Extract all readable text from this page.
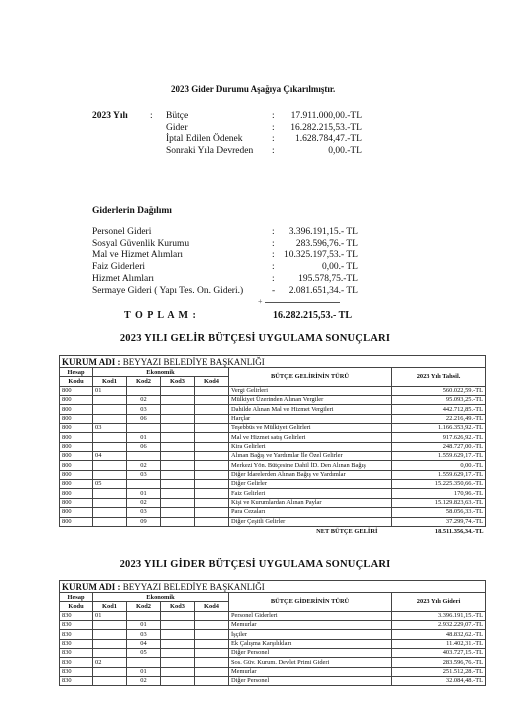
2023 Gider Durumu Aşağıya Çıkarılmıştır.
2023 Yılı : Bütçe	:	17.911.000,00.-TL
Gider	:	16.282.215,53.-TL
İptal Edilen Ödenek	:	1.628.784,47.-TL
Sonraki Yıla Devreden :	0,00.-TL
Giderlerin Dağılımı
Personel Gideri	:	3.396.191,15.- TL
Sosyal Güvenlik Kurumu	:	283.596,76.- TL
Mal ve Hizmet Alımları	: 10.325.197,53.- TL
Faiz Giderleri	:	0,00.- TL
Hizmet Alımları	:	195.578,75.-TL
Sermaye Gideri ( Yapı Tes. On. Gideri.)	-	2.081.651,34.- TL
+
T O P L A M :	16.282.215,53.- TL
2023 YILI GELİR BÜTÇESİ UYGULAMA SONUÇLARI
KURUM ADI : BEYYAZI BELEDİYE BAŞKANLIĞI						
Hesap	Ekonomik				BÜTÇE GELİRİNİN TÜRÜ	2023 Yılı Tahsil.
Kodu	Kod1	Kod2	Kod3	Kod4		
800	01				Vergi Gelirleri	560.022,59.-TL
800		02			Mülkiyet Üzerinden Alınan Vergiler	95.093,25.-TL
800		03			Dahilde Alınan Mal ve Hizmet Vergileri	442.712,85.-TL
800		06			Harçlar	22.216,49.-TL
800	03				Teşebbüs ve Mülkiyet Gelirleri	1.166.353,92.-TL
800		01			Mal ve Hizmet satış Gelirleri	917.626,92.-TL
800		06			Kira Gelirleri	248.727,00.-TL
800	04				Alınan Bağış ve Yardımlar İle Özel Gelirler	1.559.629,17.-TL
800		02			Merkezi Yön. Bütçesine Dahil İD. Den Alınan Bağış	0,00.-TL
800		03			Diğer İdarelerden Alınan Bağış ve Yardımlar	1.559.629,17.-TL
800	05				Diğer Gelirler	15.225.350,66.-TL
800		01			Faiz Gelirleri	170,96.-TL
800		02			Kişi ve Kurumlardan Alınan Paylar	15.129.823,63.-TL
800		03			Para Cezaları	58.056,33.-TL
800		09			Diğer Çeşitli Gelirler	37.299,74.-TL
NET BÜTÇE GELİRİ						18.511.356,34.-TL
2023 YILI GİDER BÜTÇESİ UYGULAMA SONUÇLARI
KURUM ADI : BEYYAZI BELEDİYE BAŞKANLIĞI						
Hesap	Ekonomik				BÜTÇE GİDERİNİN TÜRÜ	2023 Yılı Gideri
Kodu	Kod1	Kod2	Kod3	Kod4		
830	01				Personel Giderleri	3.396.191,15.-TL
830		01			Memurlar	2.932.229,07.-TL
830		03			İşçiler	48.832,62.-TL
830		04			Ek Çalışma Karşılıkları	11.402,31.-TL
830		05			Diğer Personel	403.727,15.-TL
830	02				Sos. Güv. Kurum. Devlet Primi Gideri	283.596,76.-TL
830		01			Memurlar	251.512,28.-TL
830		02			Diğer Personel	32.084,48.-TL
